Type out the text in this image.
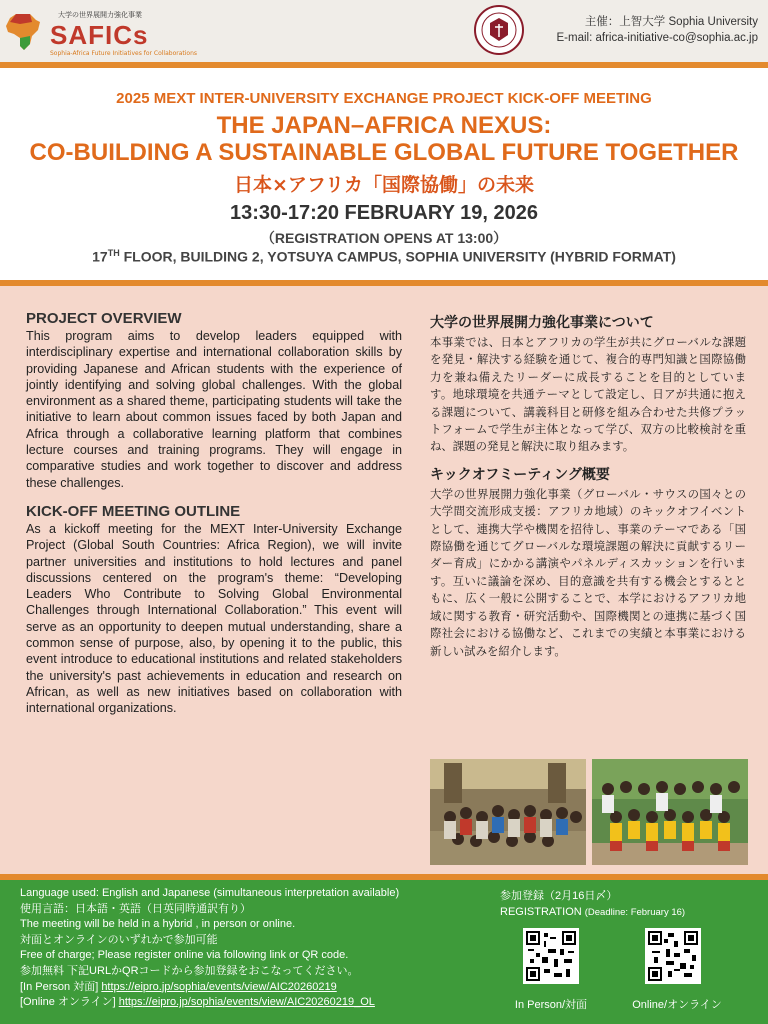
大学の世界展開力強化事業
SAFICs
Sophia-Africa Future Initiatives for Collaborations
主催：上智大学 Sophia University
E-mail: africa-initiative-co@sophia.ac.jp
2025 MEXT INTER-UNIVERSITY EXCHANGE PROJECT KICK-OFF MEETING
THE JAPAN–AFRICA NEXUS:
CO-BUILDING A SUSTAINABLE GLOBAL FUTURE TOGETHER
日本×アフリカ「国際協働」の未来
13:30-17:20 FEBRUARY 19, 2026
（REGISTRATION OPENS AT 13:00）
17TH FLOOR, BUILDING 2, YOTSUYA CAMPUS, SOPHIA UNIVERSITY (HYBRID FORMAT)
PROJECT OVERVIEW

This program aims to develop leaders equipped with interdisciplinary expertise and international collaboration skills by providing Japanese and African students with the experience of jointly identifying and solving global challenges. With the global environment as a shared theme, participating students will take the initiative to learn about common issues faced by both Japan and Africa through a collaborative learning platform that combines lecture courses and training programs. They will engage in comparative studies and work together to discover and address these challenges.

KICK-OFF MEETING OUTLINE

As a kickoff meeting for the MEXT Inter-University Exchange Project (Global South Countries: Africa Region), we will invite partner universities and institutions to hold lectures and panel discussions centered on the program's theme: “Developing Leaders Who Contribute to Solving Global Environmental Challenges through International Collaboration.” This event will serve as an opportunity to deepen mutual understanding, share a common sense of purpose, also, by opening it to the public, this event introduce to educational institutions and related stakeholders the university's past achievements in education and research on African, as well as new initiatives based on collaboration with international organizations.

大学の世界展開力強化事業について

本事業では、日本とアフリカの学生が共にグローバルな課題を発見・解決する経験を通じて、複合的専門知識と国際協働力を兼ね備えたリーダーに成長することを目的としています。地球環境を共通テーマとして設定し、日アが共通に抱える課題について、講義科目と研修を組み合わせた共修プラットフォームで学生が主体となって学び、双方の比較検討を重ね、課題の発見と解決に取り組みます。

キックオフミーティング概要

大学の世界展開力強化事業（グローバル・サウスの国々との大学間交流形成支援：アフリカ地域）のキックオフイベントとして、連携大学や機関を招待し、事業のテーマである「国際協働を通じてグローバルな環境課題の解決に貢献するリーダー育成」にかかる講演やパネルディスカッションを行います。互いに議論を深め、目的意識を共有する機会とするとともに、広く一般に公開することで、本学におけるアフリカ地域に関する教育・研究活動や、国際機関との連携に基づく国際社会における協働など、これまでの実績と本事業における新しい試みを紹介します。

Language used: English and Japanese (simultaneous interpretation available)
使用言語：日本語・英語（日英同時通訳有り）
The meeting will be held in a hybrid , in person or online.
対面とオンラインのいずれかで参加可能
Free of charge; Please register online via following link or QR code.
参加無料 下記URLかQRコードから参加登録をおこなってください。
[In Person 対面] https://eipro.jp/sophia/events/view/AIC20260219
[Online オンライン] https://eipro.jp/sophia/events/view/AIC20260219_OL
参加登録（2月16日〆）
REGISTRATION (Deadline: February 16)
In Person/対面	Online/オンライン
